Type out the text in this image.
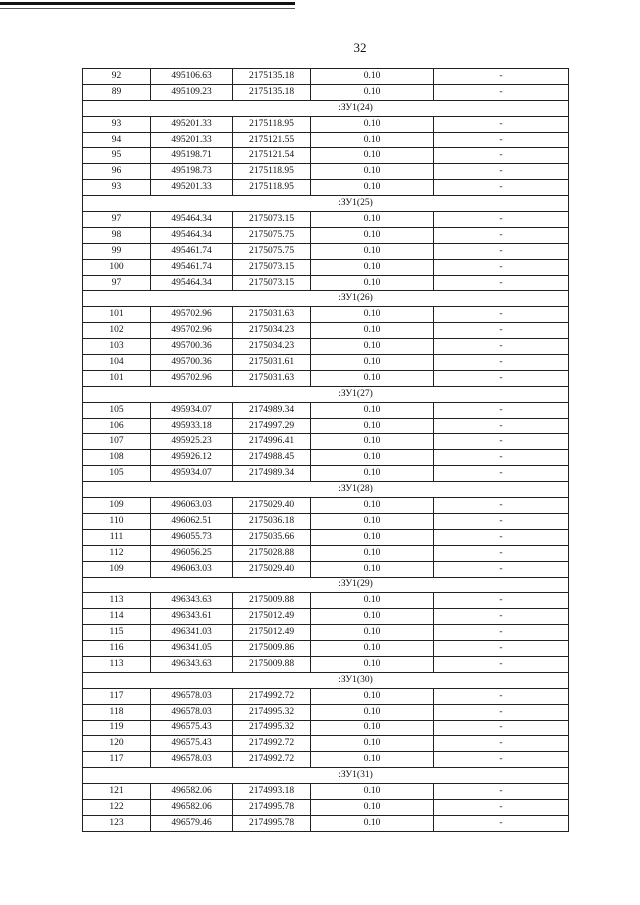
32
92	495106.63	2175135.18	0.10	-
89	495109.23	2175135.18	0.10	-
:ЗУ1(24)				
93	495201.33	2175118.95	0.10	-
94	495201.33	2175121.55	0.10	-
95	495198.71	2175121.54	0.10	-
96	495198.73	2175118.95	0.10	-
93	495201.33	2175118.95	0.10	-
:ЗУ1(25)				
97	495464.34	2175073.15	0.10	-
98	495464.34	2175075.75	0.10	-
99	495461.74	2175075.75	0.10	-
100	495461.74	2175073.15	0.10	-
97	495464.34	2175073.15	0.10	-
:ЗУ1(26)				
101	495702.96	2175031.63	0.10	-
102	495702.96	2175034.23	0.10	-
103	495700.36	2175034.23	0.10	-
104	495700.36	2175031.61	0.10	-
101	495702.96	2175031.63	0.10	-
:ЗУ1(27)				
105	495934.07	2174989.34	0.10	-
106	495933.18	2174997.29	0.10	-
107	495925.23	2174996.41	0.10	-
108	495926.12	2174988.45	0.10	-
105	495934.07	2174989.34	0.10	-
:ЗУ1(28)				
109	496063.03	2175029.40	0.10	-
110	496062.51	2175036.18	0.10	-
111	496055.73	2175035.66	0.10	-
112	496056.25	2175028.88	0.10	-
109	496063.03	2175029.40	0.10	-
:ЗУ1(29)				
113	496343.63	2175009.88	0.10	-
114	496343.61	2175012.49	0.10	-
115	496341.03	2175012.49	0.10	-
116	496341.05	2175009.86	0.10	-
113	496343.63	2175009.88	0.10	-
:ЗУ1(30)				
117	496578.03	2174992.72	0.10	-
118	496578.03	2174995.32	0.10	-
119	496575.43	2174995.32	0.10	-
120	496575.43	2174992.72	0.10	-
117	496578.03	2174992.72	0.10	-
:ЗУ1(31)				
121	496582.06	2174993.18	0.10	-
122	496582.06	2174995.78	0.10	-
123	496579.46	2174995.78	0.10	-
